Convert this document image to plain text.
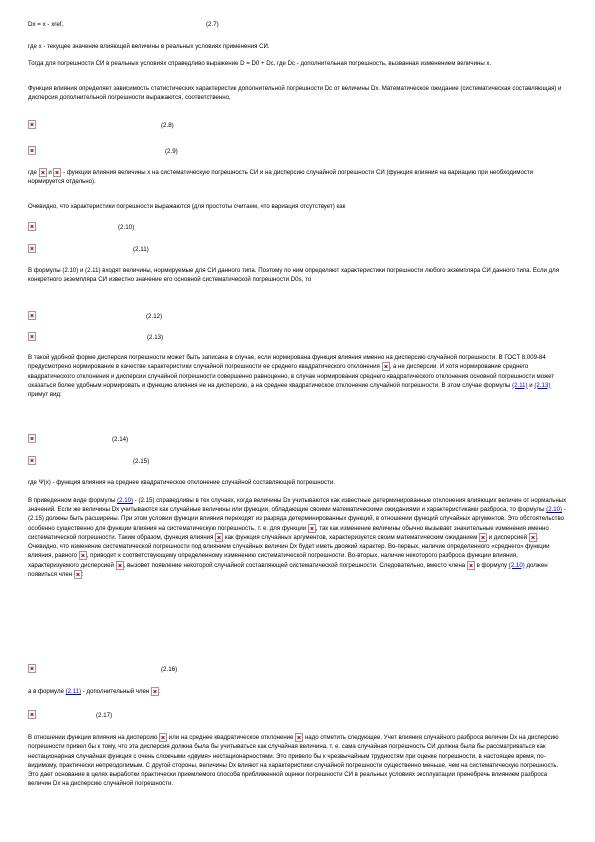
Dx = x - xref,	(2.7)

где x - текущее значение влияющей величины в реальных условиях применения СИ.

Тогда для погрешности СИ в реальных условиях справедливо выражение D = D0 + Dc, где Dc - дополнительная погрешность, вызванная изменением величины x.

Функция влияния определяет зависимость статистических характеристик дополнительной погрешности Dc от величины Dx. Математическое ожидание (систематическая составляющая) и дисперсия дополнительной погрешности выражаются, соответственно,

(2.8)
(2.9)

где и - функции влияния величины x на систематическую погрешность СИ и на дисперсию случайной погрешности СИ (функция влияния на вариацию при необходимости нормируется отдельно).

Очевидно, что характеристики погрешности выражаются (для простоты считаем, что вариация отсутствует) как

(2.10)
(2.11)

В формулы (2.10) и (2.11) входят величины, нормируемые для СИ данного типа. Поэтому по ним определяют характеристики погрешности любого экземпляра СИ данного типа. Если для конкретного экземпляра СИ известно значение его основной систематической погрешности D0s, то

(2.12)
(2.13)

В такой удобной форме дисперсия погрешности может быть записана в случае, если нормирована функция влияния именно на дисперсию случайной погрешности. В ГОСТ 8.009-84 предусмотрено нормирование в качестве характеристики случайной погрешности ее среднего квадратического отклонения , а не дисперсии. И хотя нормирование среднего квадратического отклонения и дисперсии случайной погрешности совершенно равноценно, в случае нормирования среднего квадратического отклонения основной погрешности может оказаться более удобным нормировать и функцию влияния не на дисперсию, а на среднее квадратическое отклонение случайной погрешности. В этом случае формулы (2.11) и (2.13) примут вид:

(2.14)
(2.15)

где Ψ(x) - функция влияния на среднее квадратическое отклонение случайной составляющей погрешности.

В приведенном виде формулы (2.10) - (2.15) справедливы в тех случаях, когда величины Dx учитываются как известные детерминированные отклонения влияющих величин от нормальных значений. Если же величины Dx учитываются как случайные величины или функции, обладающие своими математическими ожиданиями и характеристиками разброса, то формулы (2.10) - (2.15) должны быть расширены. При этом условии функции влияния переходят из разряда детерминированных функций, в отношении функций случайных аргументов. Это обстоятельство особенно существенно для функции влияния на систематическую погрешность, т. е. для функции , так как изменение величины обычно вызывает значительные изменения именно систематической погрешности. Таким образом, функция влияния как функция случайных аргументов, характеризуется своим математическим ожиданием и дисперсией . Очевидно, что изменение систематической погрешности под влиянием случайных величин Dx будет иметь двоякий характер. Во-первых, наличие определенного «среднего» функции влияния, равного , приводит к соответствующему определенному изменению систематической погрешности. Во-вторых, наличие некоторого разброса функции влияния, характеризуемого дисперсией , вызовет появление некоторой случайной составляющей систематической погрешности. Следовательно, вместо члена в формулу (2.10) должен появиться член :

(2.16)

а в формуле (2.11) - дополнительный член :

(2.17)

В отношении функции влияния на дисперсию или на среднее квадратическое отклонение надо отметить следующее. Учет влияния случайного разброса величин Dx на дисперсию погрешности привел бы к тому, что эта дисперсия должна была бы учитываться как случайная величина, т. е. сама случайная погрешность СИ должна была бы рассматриваться как нестационарная случайная функция с очень сложными «двумя» нестационарностями. Это привело бы к чрезвычайным трудностям при оценке погрешности, в настоящее время, по-видимому, практически непреодолимым. С другой стороны, величины Dx влияют на характеристики случайной погрешности существенно меньше, чем на систематическую погрешность. Это дает основание в целях выработки практически приемлемого способа приближенной оценки погрешности СИ в реальных условиях эксплуатации пренебречь влиянием разброса величин Dx на дисперсию случайной погрешности.
